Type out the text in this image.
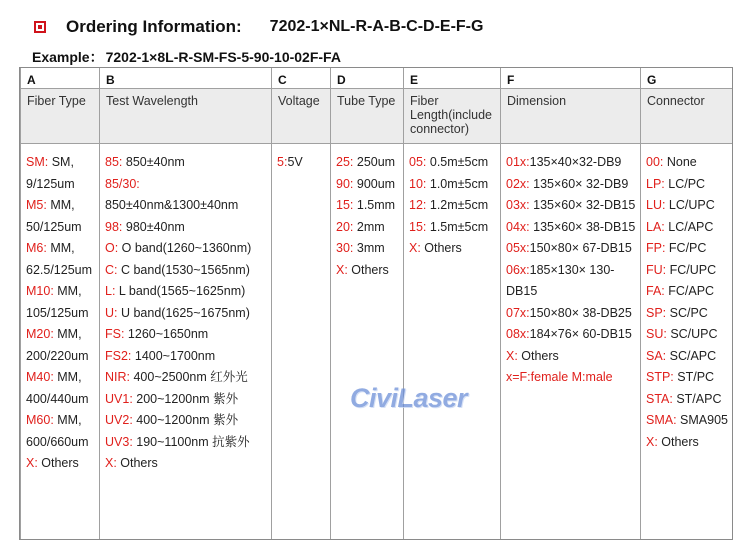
Ordering Information: 7202-1×NL-R-A-B-C-D-E-F-G
Example： 7202-1×8L-R-SM-FS-5-90-10-02F-FA
A
Fiber Type
SM: SM, 9/125um
M5: MM, 50/125um
M6: MM, 62.5/125um
M10: MM, 105/125um
M20: MM, 200/220um
M40: MM, 400/440um
M60: MM, 600/660um
X: Others
B
Test Wavelength
85: 850±40nm
85/30: 850±40nm&1300±40nm
98: 980±40nm
O: O band(1260~1360nm)
C: C band(1530~1565nm)
L: L band(1565~1625nm)
U: U band(1625~1675nm)
FS: 1260~1650nm
FS2: 1400~1700nm
NIR: 400~2500nm 红外光
UV1: 200~1200nm 紫外
UV2: 400~1200nm 紫外
UV3: 190~1100nm 抗紫外
X: Others
C
Voltage
5:5V
D
Tube Type
25: 250um
90: 900um
15: 1.5mm
20: 2mm
30: 3mm
X: Others
E
Fiber Length(include connector)
05: 0.5m±5cm
10: 1.0m±5cm
12: 1.2m±5cm
15: 1.5m±5cm
X: Others
F
Dimension
01x:135×40×32-DB9
02x: 135×60× 32-DB9
03x: 135×60× 32-DB15
04x: 135×60× 38-DB15
05x:150×80× 67-DB15
06x:185×130× 130-DB15
07x:150×80× 38-DB25
08x:184×76× 60-DB15
X: Others
x=F:female M:male
G
Connector
00: None
LP: LC/PC
LU: LC/UPC
LA: LC/APC
FP: FC/PC
FU: FC/UPC
FA: FC/APC
SP: SC/PC
SU: SC/UPC
SA: SC/APC
STP: ST/PC
STA: ST/APC
SMA: SMA905
X: Others
CiviLaser
